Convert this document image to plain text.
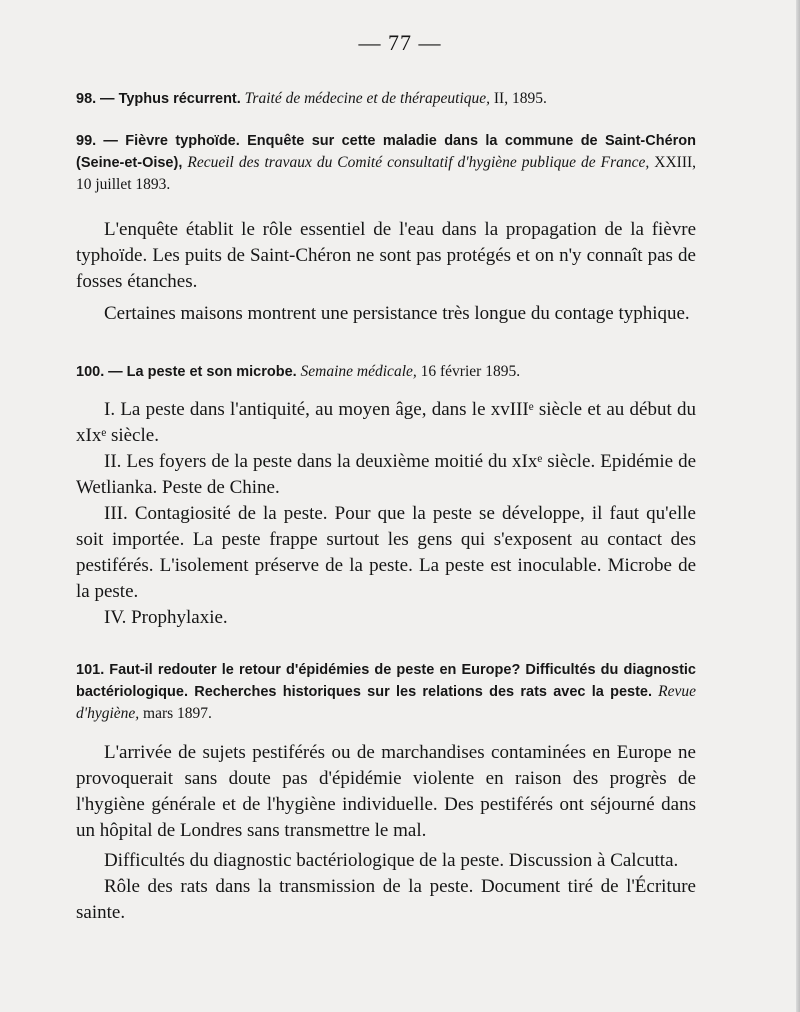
— 77 —
98. — Typhus récurrent. Traité de médecine et de thérapeutique, II, 1895.
99. — Fièvre typhoïde. Enquête sur cette maladie dans la commune de Saint-Chéron (Seine-et-Oise), Recueil des travaux du Comité consultatif d'hygiène publique de France, XXIII, 10 juillet 1893.

L'enquête établit le rôle essentiel de l'eau dans la propagation de la fièvre typhoïde. Les puits de Saint-Chéron ne sont pas protégés et on n'y connaît pas de fosses étanches.

Certaines maisons montrent une persistance très longue du contage typhique.

100. — La peste et son microbe. Semaine médicale, 16 février 1895.

I. La peste dans l'antiquité, au moyen âge, dans le xvIIIᵉ siècle et au début du xIxᵉ siècle.

II. Les foyers de la peste dans la deuxième moitié du xIxᵉ siècle. Epidémie de Wetlianka. Peste de Chine.

III. Contagiosité de la peste. Pour que la peste se développe, il faut qu'elle soit importée. La peste frappe surtout les gens qui s'exposent au contact des pestiférés. L'isolement préserve de la peste. La peste est inoculable. Microbe de la peste.

IV. Prophylaxie.

101. Faut-il redouter le retour d'épidémies de peste en Europe? Difficultés du diagnostic bactériologique. Recherches historiques sur les relations des rats avec la peste. Revue d'hygiène, mars 1897.

L'arrivée de sujets pestiférés ou de marchandises contaminées en Europe ne provoquerait sans doute pas d'épidémie violente en raison des progrès de l'hygiène générale et de l'hygiène individuelle. Des pestiférés ont séjourné dans un hôpital de Londres sans transmettre le mal.

Difficultés du diagnostic bactériologique de la peste. Discussion à Calcutta.

Rôle des rats dans la transmission de la peste. Document tiré de l'Écriture sainte.
